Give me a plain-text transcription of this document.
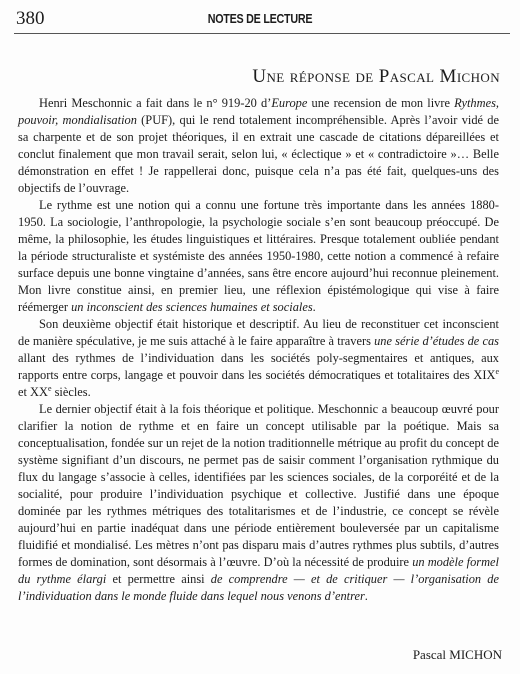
380	NOTES DE LECTURE
Une réponse de Pascal Michon

Henri Meschonnic a fait dans le n° 919-20 d’Europe une recension de mon livre Rythmes, pouvoir, mondialisation (PUF), qui le rend totalement incompréhensible. Après l’avoir vidé de sa charpente et de son projet théoriques, il en extrait une cascade de citations dépareillées et conclut finalement que mon travail serait, selon lui, « éclectique » et « contradictoire »… Belle démonstration en effet ! Je rappellerai donc, puisque cela n’a pas été fait, quelques-uns des objectifs de l’ouvrage.

Le rythme est une notion qui a connu une fortune très importante dans les années 1880-1950. La sociologie, l’anthropologie, la psychologie sociale s’en sont beaucoup préoccupé. De même, la philosophie, les études linguistiques et littéraires. Presque totalement oubliée pendant la période structuraliste et systémiste des années 1950-1980, cette notion a commencé à refaire surface depuis une bonne vingtaine d’années, sans être encore aujourd’hui reconnue pleinement. Mon livre constitue ainsi, en premier lieu, une réflexion épistémologique qui vise à faire réémerger un inconscient des sciences humaines et sociales.

Son deuxième objectif était historique et descriptif. Au lieu de reconstituer cet inconscient de manière spéculative, je me suis attaché à le faire apparaître à travers une série d’études de cas allant des rythmes de l’individuation dans les sociétés poly-segmentaires et antiques, aux rapports entre corps, langage et pouvoir dans les sociétés démocratiques et totalitaires des XIXe et XXe siècles.

Le dernier objectif était à la fois théorique et politique. Meschonnic a beaucoup œuvré pour clarifier la notion de rythme et en faire un concept utilisable par la poétique. Mais sa conceptualisation, fondée sur un rejet de la notion traditionnelle métrique au profit du concept de système signifiant d’un discours, ne permet pas de saisir comment l’organisation rythmique du flux du langage s’associe à celles, identifiées par les sciences sociales, de la corporéité et de la socialité, pour produire l’individuation psychique et collective. Justifié dans une époque dominée par les rythmes métriques des totalitarismes et de l’industrie, ce concept se révèle aujourd’hui en partie inadéquat dans une période entièrement bouleversée par un capitalisme fluidifié et mondialisé. Les mètres n’ont pas disparu mais d’autres rythmes plus subtils, d’autres formes de domination, sont désormais à l’œuvre. D’où la nécessité de produire un modèle formel du rythme élargi et permettre ainsi de comprendre — et de critiquer — l’organisation de l’individuation dans le monde fluide dans lequel nous venons d’entrer.

Pascal MICHON
